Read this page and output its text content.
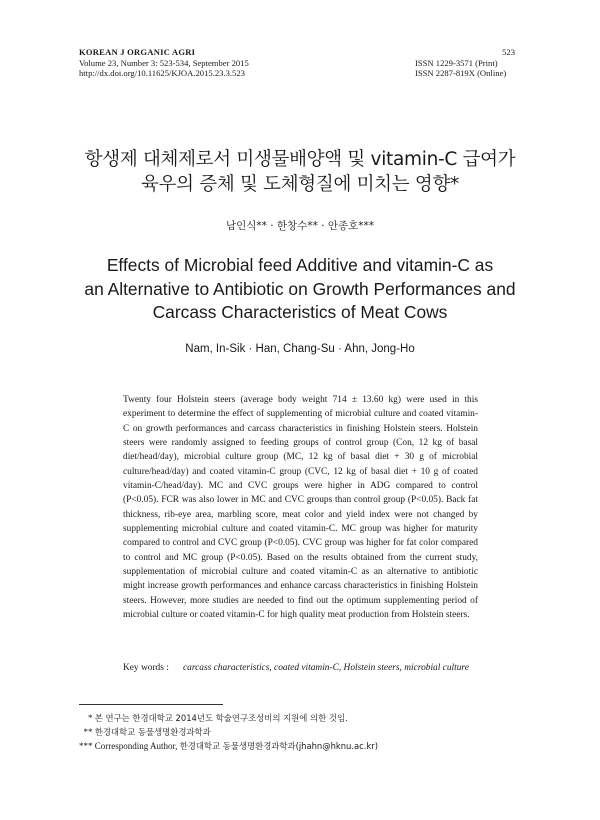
KOREAN J ORGANIC AGRI
Volume 23, Number 3: 523-534, September 2015
http://dx.doi.org/10.11625/KJOA.2015.23.3.523
523
ISSN 1229-3571 (Print)
ISSN 2287-819X (Online)
항생제 대체제로서 미생물배양액 및 vitamin-C 급여가
육우의 증체 및 도체형질에 미치는 영향*
남인식** · 한창수** · 안종호***
Effects of Microbial feed Additive and vitamin-C as
an Alternative to Antibiotic on Growth Performances and
Carcass Characteristics of Meat Cows
Nam, In-Sik · Han, Chang-Su · Ahn, Jong-Ho

Twenty four Holstein steers (average body weight 714 ± 13.60 kg) were used in this experiment to determine the effect of supplementing of microbial culture and coated vitamin-C on growth performances and carcass characteristics in finishing Holstein steers. Holstein steers were randomly assigned to feeding groups of control group (Con, 12 kg of basal diet/head/day), microbial culture group (MC, 12 kg of basal diet + 30 g of microbial culture/head/day) and coated vitamin-C group (CVC, 12 kg of basal diet + 10 g of coated vitamin-C/head/day). MC and CVC groups were higher in ADG compared to control (P<0.05). FCR was also lower in MC and CVC groups than control group (P<0.05). Back fat thickness, rib-eye area, marbling score, meat color and yield index were not changed by supplementing microbial culture and coated vitamin-C. MC group was higher for maturity compared to control and CVC group (P<0.05). CVC group was higher for fat color compared to control and MC group (P<0.05). Based on the results obtained from the current study, supplementation of microbial culture and coated vitamin-C as an alternative to antibiotic might increase growth performances and enhance carcass characteristics in finishing Holstein steers. However, more studies are needed to find out the optimum supplementing period of microbial culture or coated vitamin-C for high quality meat production from Holstein steers.

Key words :	carcass characteristics, coated vitamin-C, Holstein steers, microbial culture
* 본 연구는 한경대학교 2014년도 학술연구조성비의 지원에 의한 것임.
** 한경대학교 동물생명환경과학과
*** Corresponding Author, 한경대학교 동물생명환경과학과(jhahn@hknu.ac.kr)
